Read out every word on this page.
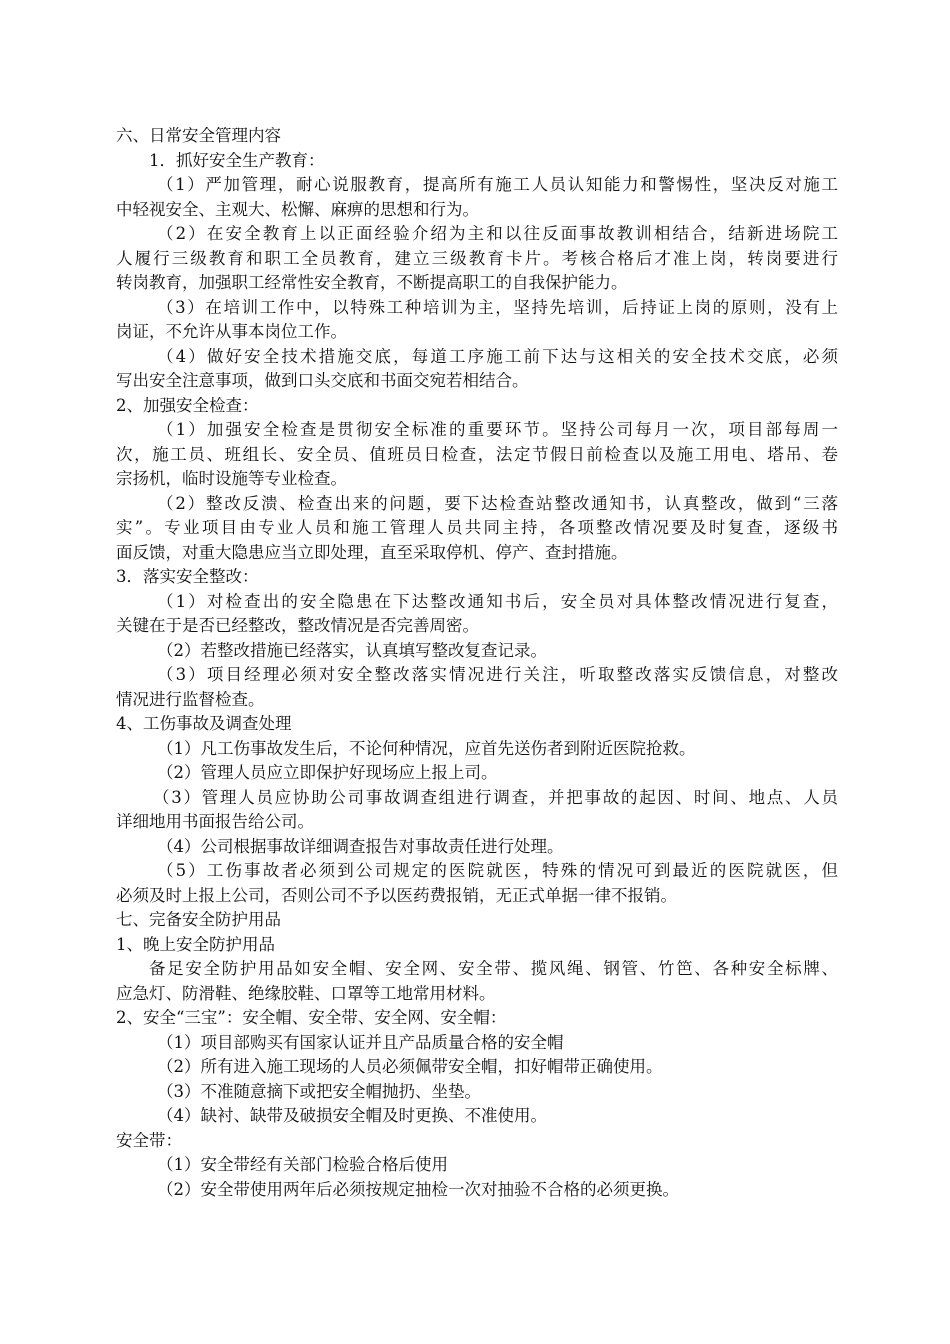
六、日常安全管理内容
1．抓好安全生产教育：
（1）严加管理，耐心说服教育，提高所有施工人员认知能力和警惕性，坚决反对施工
中轻视安全、主观大、松懈、麻痹的思想和行为。
（2）在安全教育上以正面经验介绍为主和以往反面事故教训相结合，结新进场院工
人履行三级教育和职工全员教育，建立三级教育卡片。考核合格后才准上岗，转岗要进行
转岗教育，加强职工经常性安全教育，不断提高职工的自我保护能力。
（3）在培训工作中，以特殊工种培训为主，坚持先培训，后持证上岗的原则，没有上
岗证，不允许从事本岗位工作。
（4）做好安全技术措施交底，每道工序施工前下达与这相关的安全技术交底，必须
写出安全注意事项，做到口头交底和书面交宛若相结合。
2、加强安全检查：
（1）加强安全检查是贯彻安全标准的重要环节。坚持公司每月一次，项目部每周一
次，施工员、班组长、安全员、值班员日检查，法定节假日前检查以及施工用电、塔吊、卷
宗扬机，临时设施等专业检查。
（2）整改反溃、检查出来的问题，要下达检查站整改通知书，认真整改，做到“三落
实”。专业项目由专业人员和施工管理人员共同主持，各项整改情况要及时复查，逐级书
面反馈，对重大隐患应当立即处理，直至采取停机、停产、查封措施。
3．落实安全整改：
（1）对检查出的安全隐患在下达整改通知书后，安全员对具体整改情况进行复查，
关键在于是否已经整改，整改情况是否完善周密。
（2）若整改措施已经落实，认真填写整改复查记录。
（3）项目经理必须对安全整改落实情况进行关注，听取整改落实反馈信息，对整改
情况进行监督检查。
4、工伤事故及调查处理
（1）凡工伤事故发生后，不论何种情况，应首先送伤者到附近医院抢救。
（2）管理人员应立即保护好现场应上报上司。
（3）管理人员应协助公司事故调查组进行调查，并把事故的起因、时间、地点、人员
详细地用书面报告给公司。
（4）公司根据事故详细调查报告对事故责任进行处理。
（5）工伤事故者必须到公司规定的医院就医，特殊的情况可到最近的医院就医，但
必须及时上报上公司，否则公司不予以医药费报销，无正式单据一律不报销。
七、完备安全防护用品
1、晚上安全防护用品
备足安全防护用品如安全帽、安全网、安全带、揽风绳、钢管、竹笆、各种安全标牌、
应急灯、防滑鞋、绝缘胶鞋、口罩等工地常用材料。
2、安全“三宝”：安全帽、安全带、安全网、安全帽：
（1）项目部购买有国家认证并且产品质量合格的安全帽
（2）所有进入施工现场的人员必须佩带安全帽，扣好帽带正确使用。
（3）不准随意摘下或把安全帽抛扔、坐垫。
（4）缺衬、缺带及破损安全帽及时更换、不准使用。
安全带：
（1）安全带经有关部门检验合格后使用
（2）安全带使用两年后必须按规定抽检一次对抽验不合格的必须更换。
